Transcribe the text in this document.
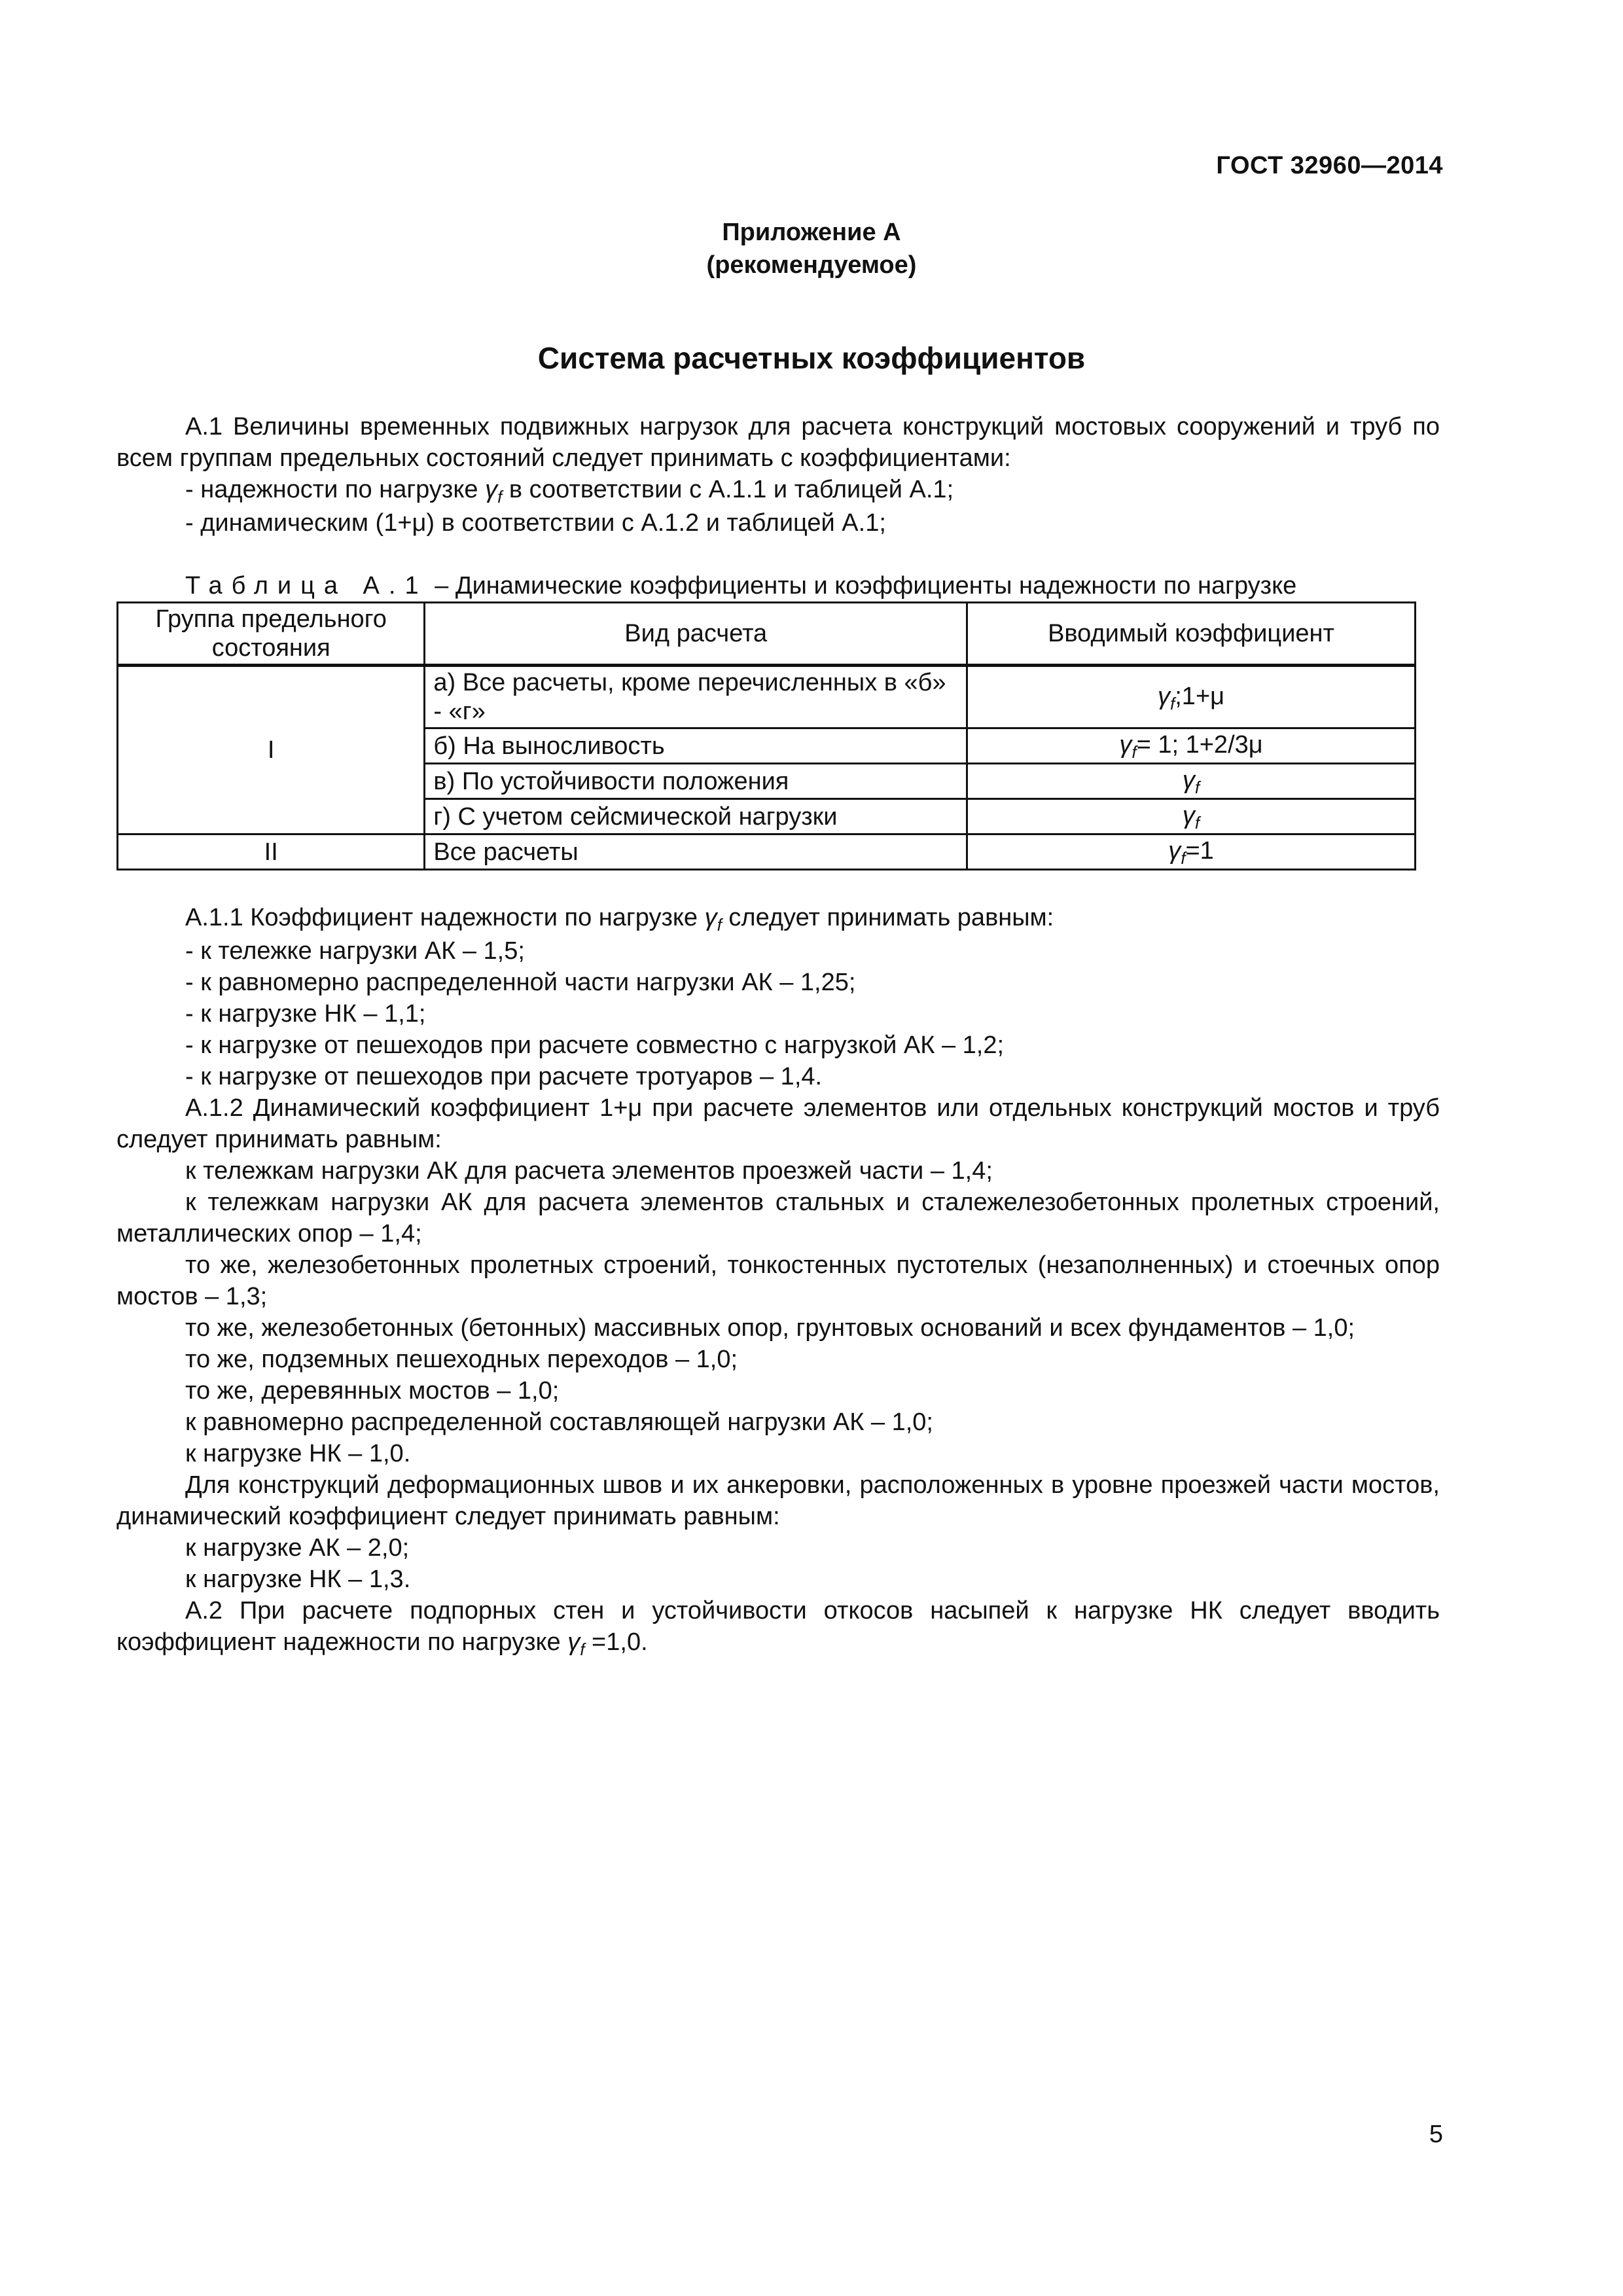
ГОСТ 32960—2014
Приложение А
(рекомендуемое)
Система расчетных коэффициентов

А.1 Величины временных подвижных нагрузок для расчета конструкций мостовых сооружений и труб по всем группам предельных состояний следует принимать с коэффициентами:

- надежности по нагрузке $\gamma_f$ в соответствии с А.1.1 и таблицей А.1;

- динамическим (1+μ) в соответствии с А.1.2 и таблицей А.1;

Таблица А.1 – Динамические коэффициенты и коэффициенты надежности по нагрузке

Группа предельного состояния	Вид расчета	Вводимый коэффициент
I	а) Все расчеты, кроме перечисленных в «б» - «г»	$\gamma_f;1+\mu$
	б) На выносливость	$\gamma_f= 1$; 1+2/3μ
	в) По устойчивости положения	$\gamma_f$
	г) С учетом сейсмической нагрузки	$\gamma_f$
II	Все расчеты	$\gamma_f=1$

А.1.1 Коэффициент надежности по нагрузке $\gamma_f$ следует принимать равным:

- к тележке нагрузки АК – 1,5;

- к равномерно распределенной части нагрузки АК – 1,25;

- к нагрузке НК – 1,1;

- к нагрузке от пешеходов при расчете совместно с нагрузкой АК – 1,2;

- к нагрузке от пешеходов при расчете тротуаров – 1,4.

А.1.2 Динамический коэффициент 1+μ при расчете элементов или отдельных конструкций мостов и труб следует принимать равным:

к тележкам нагрузки АК для расчета элементов проезжей части – 1,4;

к тележкам нагрузки АК для расчета элементов стальных и сталежелезобетонных пролетных строений, металлических опор – 1,4;

то же, железобетонных пролетных строений, тонкостенных пустотелых (незаполненных) и стоечных опор мостов – 1,3;

то же, железобетонных (бетонных) массивных опор, грунтовых оснований и всех фундаментов – 1,0;

то же, подземных пешеходных переходов – 1,0;

то же, деревянных мостов – 1,0;

к равномерно распределенной составляющей нагрузки АК – 1,0;

к нагрузке НК – 1,0.

Для конструкций деформационных швов и их анкеровки, расположенных в уровне проезжей части мостов, динамический коэффициент следует принимать равным:

к нагрузке АК – 2,0;

к нагрузке НК – 1,3.

А.2 При расчете подпорных стен и устойчивости откосов насыпей к нагрузке НК следует вводить коэффициент надежности по нагрузке $\gamma_f =1,0$.

5
